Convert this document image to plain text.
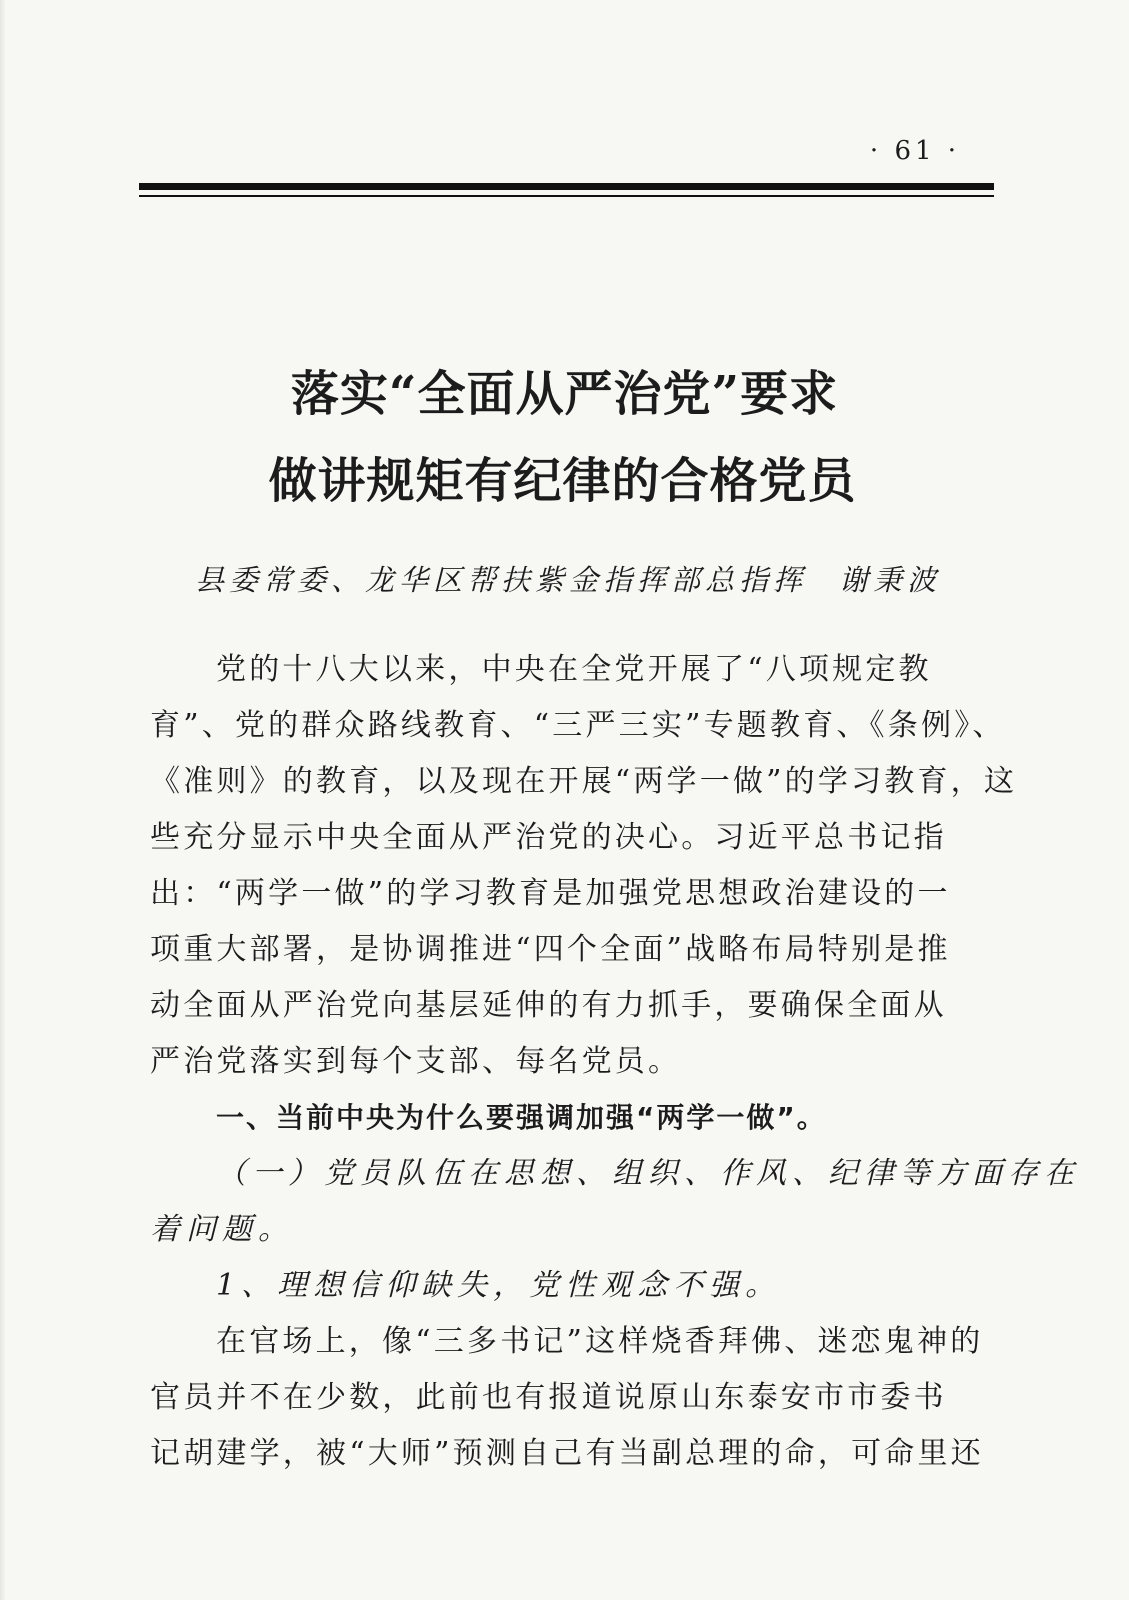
· 61 ·
落实“全面从严治党”要求
做讲规矩有纪律的合格党员
县委常委、龙华区帮扶紫金指挥部总指挥 谢秉波
党的十八大以来，中央在全党开展了“八项规定教
育”、党的群众路线教育、“三严三实”专题教育、《条例》、
《准则》的教育，以及现在开展“两学一做”的学习教育，这
些充分显示中央全面从严治党的决心。习近平总书记指
出：“两学一做”的学习教育是加强党思想政治建设的一
项重大部署，是协调推进“四个全面”战略布局特别是推
动全面从严治党向基层延伸的有力抓手，要确保全面从
严治党落实到每个支部、每名党员。
一、当前中央为什么要强调加强“两学一做”。
（一）党员队伍在思想、组织、作风、纪律等方面存在
着问题。
1、理想信仰缺失，党性观念不强。
在官场上，像“三多书记”这样烧香拜佛、迷恋鬼神的
官员并不在少数，此前也有报道说原山东泰安市市委书
记胡建学，被“大师”预测自己有当副总理的命，可命里还
